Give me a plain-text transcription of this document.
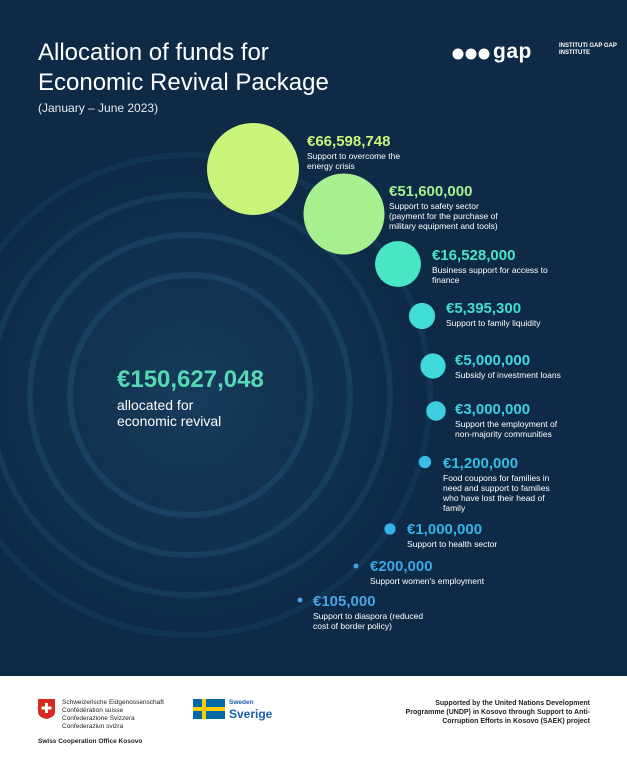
Allocation of funds for Economic Revival Package
(January – June 2023)
gap	INSTITUTI GAP GAP INSTITUTE
€150,627,048
allocated for economic revival
€66,598,748
Support to overcome the energy crisis
€51,600,000
Support to safety sector (payment for the purchase of military equipment and tools)
€16,528,000
Business support for access to finance
€5,395,300
Support to family liquidity
€5,000,000
Subsidy of investment loans
€3,000,000
Support the employment of non-majority communities
€1,200,000
Food coupons for families in need and support to families who have lost their head of family
€1,000,000
Support to health sector
€200,000
Support women's employment
€105,000
Support to diaspora (reduced cost of border policy)
Schweizerische Eidgenossenschaft
Confédération suisse
Confederazione Svizzera
Confederaziun svizra
Swiss Cooperation Office Kosovo
Sweden
Sverige
Supported by the United Nations Development Programme (UNDP) in Kosovo through Support to Anti-Corruption Efforts in Kosovo (SAEK) project
